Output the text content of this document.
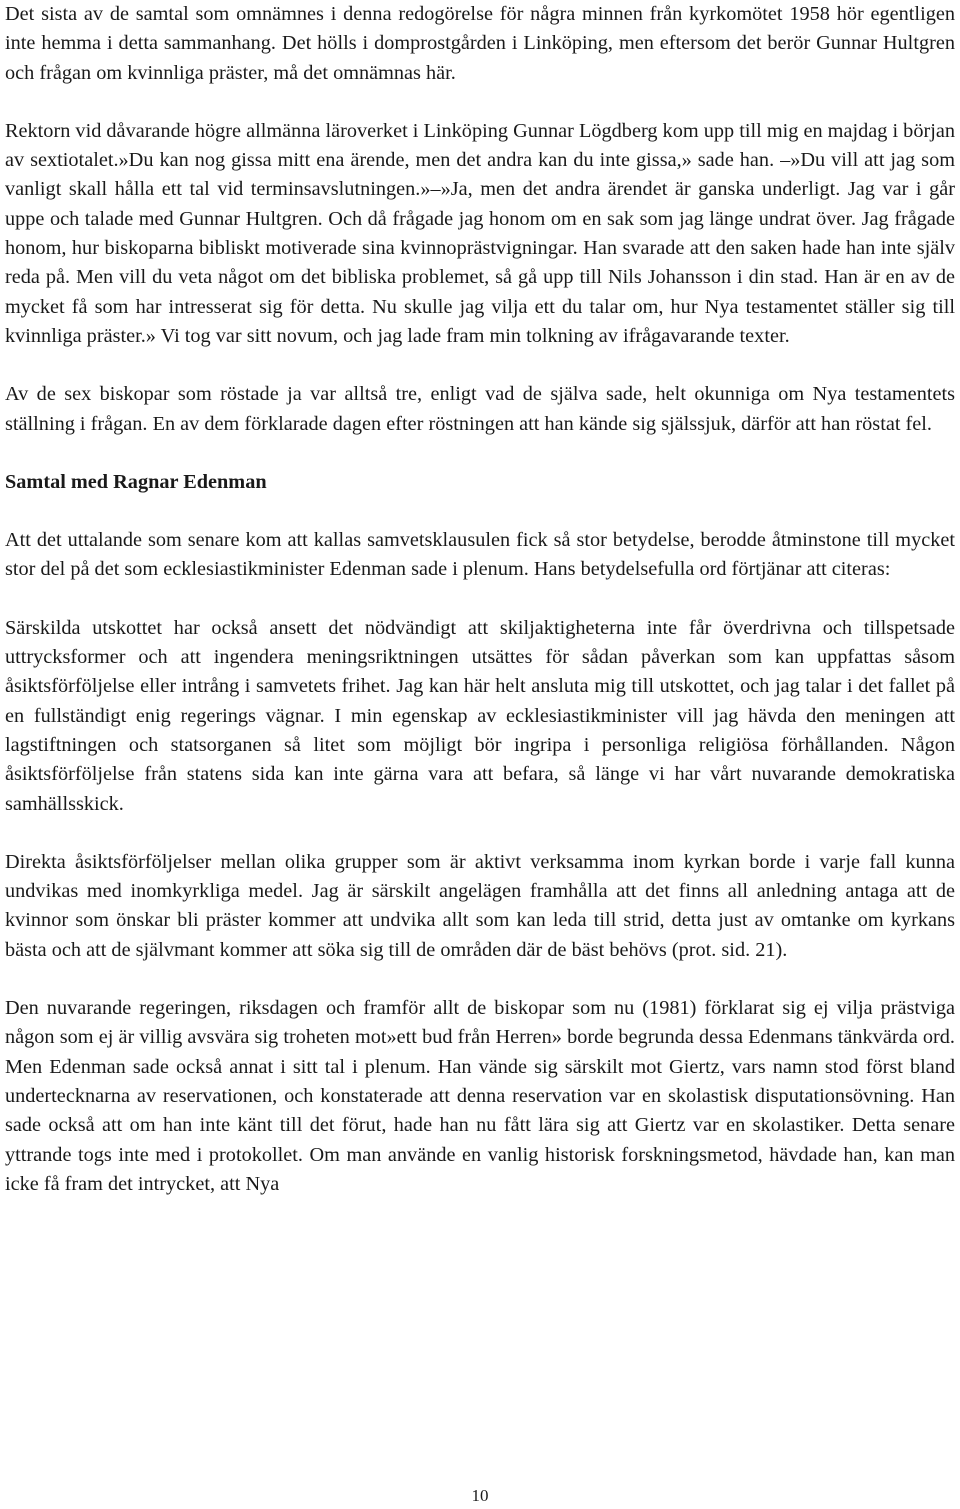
Det sista av de samtal som omnämnes i denna redogörelse för några minnen från kyrkomötet 1958 hör egentligen inte hemma i detta sammanhang. Det hölls i domprostgården i Linköping, men eftersom det berör Gunnar Hultgren och frågan om kvinnliga präster, må det omnämnas här.

Rektorn vid dåvarande högre allmänna läroverket i Linköping Gunnar Lögdberg kom upp till mig en majdag i början av sextiotalet.»Du kan nog gissa mitt ena ärende, men det andra kan du inte gissa,» sade han. –»Du vill att jag som vanligt skall hålla ett tal vid terminsavslutningen.»–»Ja, men det andra ärendet är ganska underligt. Jag var i går uppe och talade med Gunnar Hultgren. Och då frågade jag honom om en sak som jag länge undrat över. Jag frågade honom, hur biskoparna bibliskt motiverade sina kvinnoprästvigningar. Han svarade att den saken hade han inte själv reda på. Men vill du veta något om det bibliska problemet, så gå upp till Nils Johansson i din stad. Han är en av de mycket få som har intresserat sig för detta. Nu skulle jag vilja ett du talar om, hur Nya testamentet ställer sig till kvinnliga präster.» Vi tog var sitt novum, och jag lade fram min tolkning av ifrågavarande texter.

Av de sex biskopar som röstade ja var alltså tre, enligt vad de själva sade, helt okunniga om Nya testamentets ställning i frågan. En av dem förklarade dagen efter röstningen att han kände sig själssjuk, därför att han röstat fel.

Samtal med Ragnar Edenman

Att det uttalande som senare kom att kallas samvetsklausulen fick så stor betydelse, berodde åtminstone till mycket stor del på det som ecklesiastikminister Edenman sade i plenum. Hans betydelsefulla ord förtjänar att citeras:

Särskilda utskottet har också ansett det nödvändigt att skiljaktigheterna inte får överdrivna och tillspetsade uttrycksformer och att ingendera meningsriktningen utsättes för sådan påverkan som kan uppfattas såsom åsiktsförföljelse eller intrång i samvetets frihet. Jag kan här helt ansluta mig till utskottet, och jag talar i det fallet på en fullständigt enig regerings vägnar. I min egenskap av ecklesiastikminister vill jag hävda den meningen att lagstiftningen och statsorganen så litet som möjligt bör ingripa i personliga religiösa förhållanden. Någon åsiktsförföljelse från statens sida kan inte gärna vara att befara, så länge vi har vårt nuvarande demokratiska samhällsskick.

Direkta åsiktsförföljelser mellan olika grupper som är aktivt verksamma inom kyrkan borde i varje fall kunna undvikas med inomkyrkliga medel. Jag är särskilt angelägen framhålla att det finns all anledning antaga att de kvinnor som önskar bli präster kommer att undvika allt som kan leda till strid, detta just av omtanke om kyrkans bästa och att de självmant kommer att söka sig till de områden där de bäst behövs (prot. sid. 21).

Den nuvarande regeringen, riksdagen och framför allt de biskopar som nu (1981) förklarat sig ej vilja prästviga någon som ej är villig avsvära sig troheten mot»ett bud från Herren» borde begrunda dessa Edenmans tänkvärda ord. Men Edenman sade också annat i sitt tal i plenum. Han vände sig särskilt mot Giertz, vars namn stod först bland undertecknarna av reservationen, och konstaterade att denna reservation var en skolastisk disputationsövning. Han sade också att om han inte känt till det förut, hade han nu fått lära sig att Giertz var en skolastiker. Detta senare yttrande togs inte med i protokollet. Om man använde en vanlig historisk forskningsmetod, hävdade han, kan man icke få fram det intrycket, att Nya

10
